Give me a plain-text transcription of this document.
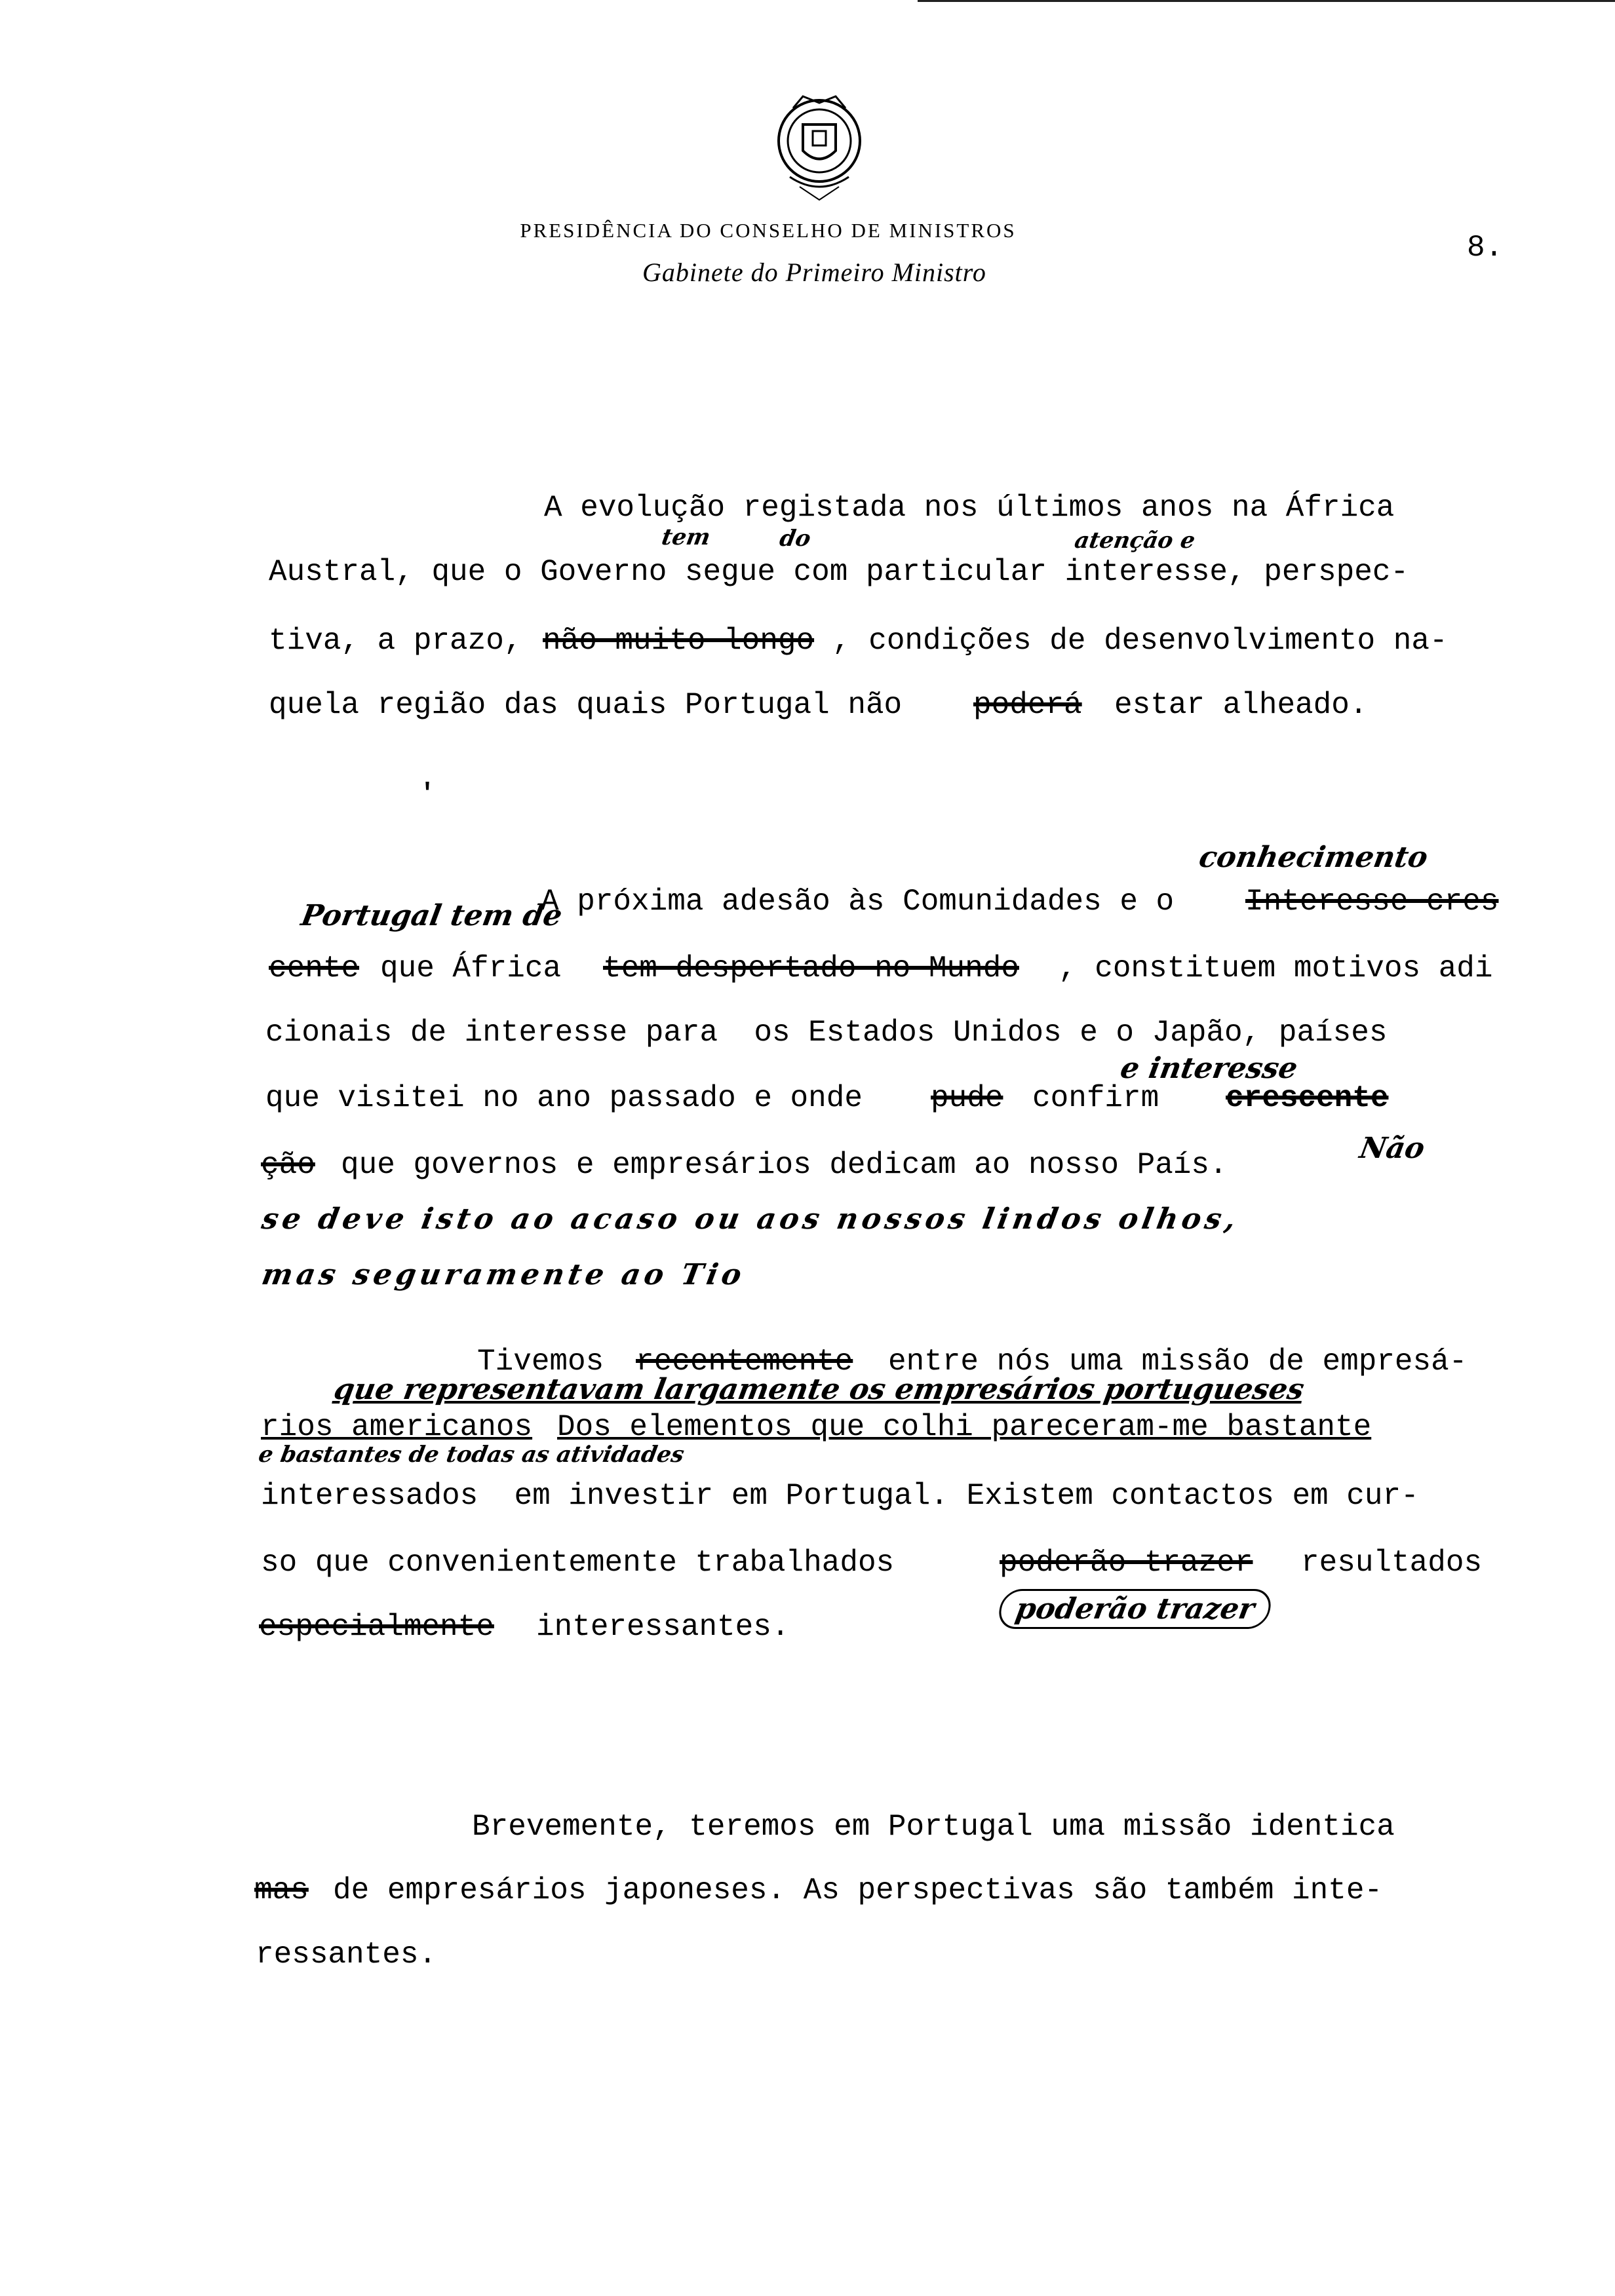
PRESIDÊNCIA DO CONSELHO DE MINISTROS
Gabinete do Primeiro Ministro
8.
A evolução registada nos últimos anos na África
tem	do	atenção e
Austral, que o Governo segue com particular interesse, perspec-
tiva, a prazo, não muito longo , condições de desenvolvimento na-
quela região das quais Portugal não poderá estar alheado.
'
conhecimento
A próxima adesão às Comunidades e o Interesse cres
Portugal tem de
cente que África tem despertado no Mundo , constituem motivos adi
cionais de interesse para  os Estados Unidos e o Japão, países
e interesse
que visitei no ano passado e onde pude confirm crescente
ção que governos e empresários dedicam ao nosso País.	Não
se deve isto ao acaso ou aos nossos lindos olhos,
mas seguramente ao Tio
Tivemos recentemente entre nós uma missão de empresá-
que representavam largamente os empresários portugueses
rios americanos Dos elementos que colhi pareceram-me bastante
e bastantes de todas as atividades
interessados  em investir em Portugal. Existem contactos em cur-
so que convenientemente trabalhados	poderão trazer resultados
especialmente interessantes.
poderão trazer
Brevemente, teremos em Portugal uma missão identica
mas de empresários japoneses. As perspectivas são também inte-
ressantes.
